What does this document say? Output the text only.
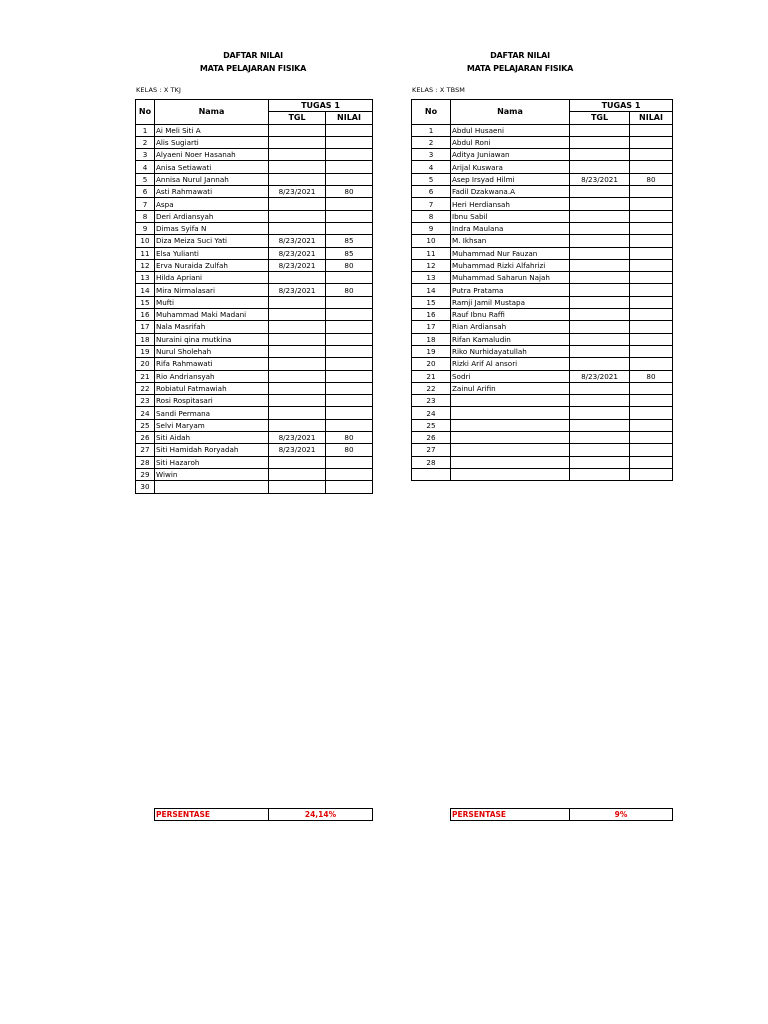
DAFTAR NILAI
MATA PELAJARAN FISIKA
KELAS : X TKJ
No	Nama	TUGAS 1	
		TGL	NILAI
1	Ai Meli Siti A		
2	Alis Sugiarti		
3	Alyaeni Noer Hasanah		
4	Anisa Setiawati		
5	Annisa Nurul Jannah		
6	Asti Rahmawati	8/23/2021	80
7	Aspa		
8	Deri Ardiansyah		
9	Dimas Syifa N		
10	Diza Meiza Suci Yati	8/23/2021	85
11	Elsa Yulianti	8/23/2021	85
12	Erva Nuraida Zulfah	8/23/2021	80
13	Hilda Apriani		
14	Mira Nirmalasari	8/23/2021	80
15	Mufti		
16	Muhammad Maki Madani		
17	Nala Masrifah		
18	Nuraini qina mutkina		
19	Nurul Sholehah		
20	Rifa Rahmawati		
21	Rio Andriansyah		
22	Robiatul Fatmawiah		
23	Rosi Rospitasari		
24	Sandi Permana		
25	Selvi Maryam		
26	Siti Aidah	8/23/2021	80
27	Siti Hamidah Roryadah	8/23/2021	80
28	Siti Hazaroh		
29	Wiwin		
30			
PERSENTASE	24,14%
DAFTAR NILAI
MATA PELAJARAN FISIKA
KELAS : X TBSM
No	Nama	TUGAS 1	
		TGL	NILAI
1	Abdul Husaeni		
2	Abdul Roni		
3	Aditya Juniawan		
4	Arijal Kuswara		
5	Asep Irsyad Hilmi	8/23/2021	80
6	Fadil Dzakwana.A		
7	Heri Herdiansah		
8	Ibnu Sabil		
9	Indra Maulana		
10	M. Ikhsan		
11	Muhammad Nur Fauzan		
12	Muhammad Rizki Alfahrizi		
13	Muhammad Saharun Najah		
14	Putra Pratama		
15	Ramji Jamil Mustapa		
16	Rauf Ibnu Raffi		
17	Rian Ardiansah		
18	Rifan Kamaludin		
19	Riko Nurhidayatullah		
20	Rizki Arif Al ansori		
21	Sodri	8/23/2021	80
22	Zainul Arifin		
23			
24			
25			
26			
27			
28			

PERSENTASE	9%
